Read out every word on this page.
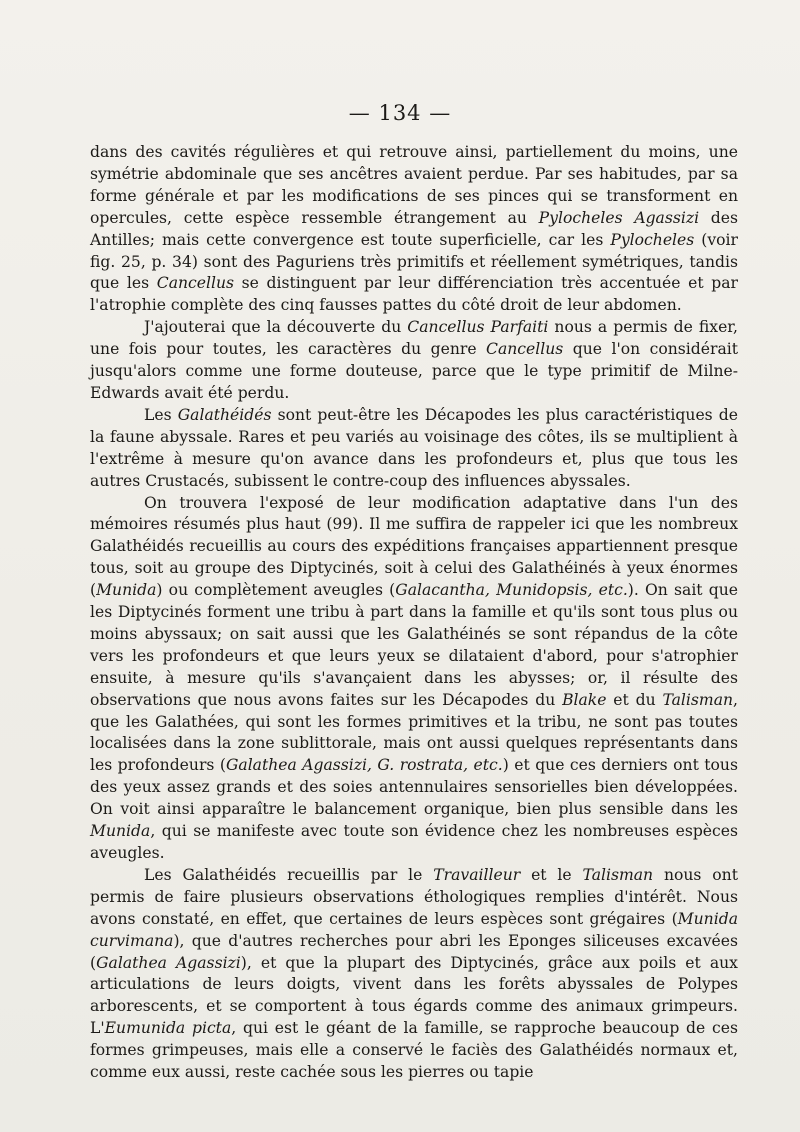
— 134 —

dans des cavités régulières et qui retrouve ainsi, partiellement du moins, une symétrie abdominale que ses ancêtres avaient perdue. Par ses habitudes, par sa forme générale et par les modifications de ses pinces qui se transforment en opercules, cette espèce ressemble étrangement au Pylocheles Agassizi des Antilles; mais cette convergence est toute superficielle, car les Pylocheles (voir fig. 25, p. 34) sont des Paguriens très primitifs et réellement symétriques, tandis que les Cancellus se distinguent par leur différenciation très accentuée et par l'atrophie complète des cinq fausses pattes du côté droit de leur abdomen.

J'ajouterai que la découverte du Cancellus Parfaiti nous a permis de fixer, une fois pour toutes, les caractères du genre Cancellus que l'on considérait jusqu'alors comme une forme douteuse, parce que le type primitif de Milne-Edwards avait été perdu.

Les Galathéidés sont peut-être les Décapodes les plus caractéristiques de la faune abyssale. Rares et peu variés au voisinage des côtes, ils se multiplient à l'extrême à mesure qu'on avance dans les profondeurs et, plus que tous les autres Crustacés, subissent le contre-coup des influences abyssales.

On trouvera l'exposé de leur modification adaptative dans l'un des mémoires résumés plus haut (99). Il me suffira de rappeler ici que les nombreux Galathéidés recueillis au cours des expéditions françaises appartiennent presque tous, soit au groupe des Diptycinés, soit à celui des Galathéinés à yeux énormes (Munida) ou complètement aveugles (Galacantha, Munidopsis, etc.). On sait que les Diptycinés forment une tribu à part dans la famille et qu'ils sont tous plus ou moins abyssaux; on sait aussi que les Galathéinés se sont répandus de la côte vers les profondeurs et que leurs yeux se dilataient d'abord, pour s'atrophier ensuite, à mesure qu'ils s'avançaient dans les abysses; or, il résulte des observations que nous avons faites sur les Décapodes du Blake et du Talisman, que les Galathées, qui sont les formes primitives et la tribu, ne sont pas toutes localisées dans la zone sublittorale, mais ont aussi quelques représentants dans les profondeurs (Galathea Agassizi, G. rostrata, etc.) et que ces derniers ont tous des yeux assez grands et des soies antennulaires sensorielles bien développées. On voit ainsi apparaître le balancement organique, bien plus sensible dans les Munida, qui se manifeste avec toute son évidence chez les nombreuses espèces aveugles.

Les Galathéidés recueillis par le Travailleur et le Talisman nous ont permis de faire plusieurs observations éthologiques remplies d'intérêt. Nous avons constaté, en effet, que certaines de leurs espèces sont grégaires (Munida curvimana), que d'autres recherches pour abri les Eponges siliceuses excavées (Galathea Agassizi), et que la plupart des Diptycinés, grâce aux poils et aux articulations de leurs doigts, vivent dans les forêts abyssales de Polypes arborescents, et se comportent à tous égards comme des animaux grimpeurs. L'Eumunida picta, qui est le géant de la famille, se rapproche beaucoup de ces formes grimpeuses, mais elle a conservé le faciès des Galathéidés normaux et, comme eux aussi, reste cachée sous les pierres ou tapie
